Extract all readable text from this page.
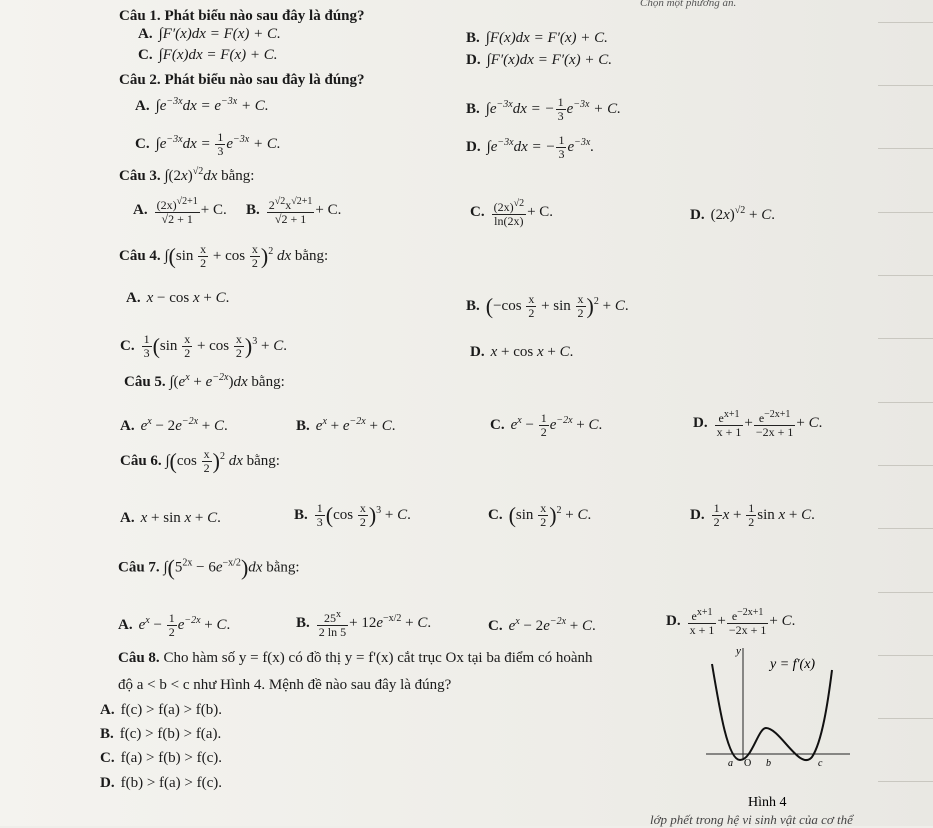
Chọn một phương án.
Câu 1. Phát biểu nào sau đây là đúng?
A. ∫F′(x)dx = F(x) + C.	B. ∫F(x)dx = F′(x) + C.
C. ∫F(x)dx = F(x) + C.	D. ∫F′(x)dx = F′(x) + C.
Câu 2. Phát biểu nào sau đây là đúng?
A. $\int e^{-3x}dx = e^{-3x} + C$.	B. $\int e^{-3x}dx$ = − $\frac{1}{3} e^{-3x} + C$.
C. $\int e^{-3x}dx = \frac{1}{3} e^{-3x} + C$.	D. $\int e^{-3x}dx$ = − $\frac{1}{3} e^{-3x}$.
Câu 3. $\int(2x)^{√2}dx$ bằng:
A. $\frac{(2x)^{√2+1}}{√2 + 1} + C$. B. $\frac{2^{√2}x^{√2+1}}{√2 + 1} + C$.	C. $\frac{(2x)^{√2}}{\ln(2x)} + C$.	D. $(2x)^{√2} + C$.
Câu 4. $\int(\sin \frac{x}{2} + \cos \frac{x}{2} )^2$ dx bằng:
A. x − cos x + C.	B. $(-\cos \frac{x}{2} + \sin \frac{x}{2} )^2 + C$.
C. $\frac{1}{3} (\sin \frac{x}{2} + \cos \frac{x}{2} )^3 + C$.	D. x + cos x + C.
Câu 5. $\int(e^x + e^{-2x})dx$ bằng:
A. $e^x - 2e^{-2x} + C$.	B. $e^x + e^{-2x} + C$.	C. $e^x - \frac{1}{2} e^{-2x} + C$.	D. $\frac{e^{x+1}}{x + 1} + \frac{e^{-2x+1}}{-2x + 1} + C$.
Câu 6. $\int(\cos \frac{x}{2} )^2$ dx bằng:
A. x + sin x + C.	B. $\frac{1}{3} (\cos \frac{x}{2} )^3 + C$.	C. $(\sin \frac{x}{2} )^2 + C$.	D. $\frac{1}{2}$ $x + \frac{1}{2}$ sin x + C.
Câu 7. $\int(5^{2x} - 6e^{-x/2})dx$ bằng:
A. $e^x - \frac{1}{2} e^{-2x} + C$.	B. $\frac{25^x}{2 \ln 5} + 12e^{-x/2} + C$.	C. $e^x - 2e^{-2x} + C$.	D. $\frac{e^{x+1}}{x + 1} + \frac{e^{-2x+1}}{-2x + 1} + C$.
Câu 8. Cho hàm số y = f(x) có đồ thị y = f'(x) cắt trục Ox tại ba điểm có hoành
độ a < b < c như Hình 4. Mệnh đề nào sau đây là đúng?
A. f(c) > f(a) > f(b).
B. f(c) > f(b) > f(a).
C. f(a) > f(b) > f(c).
D. f(b) > f(a) > f(c).
y
y = f'(x)
a O b	c
Hình 4
lớp phết trong hệ vi sinh vật của cơ thể
